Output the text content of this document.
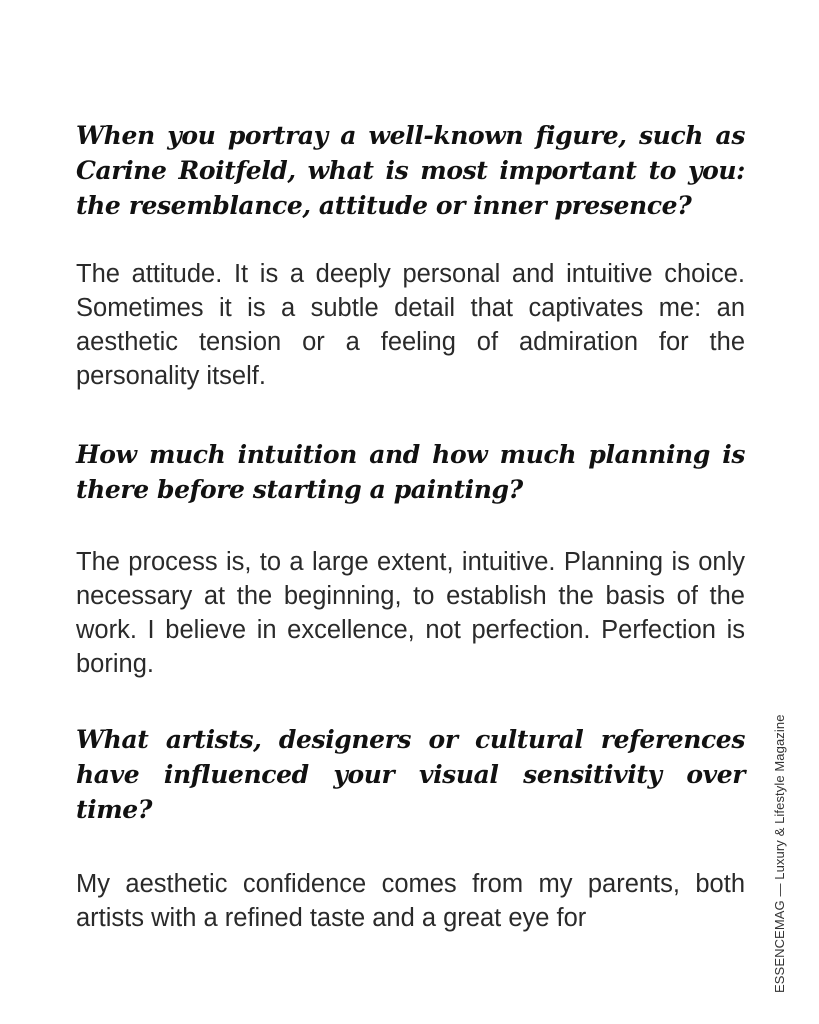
When you portray a well-known figure, such as Carine Roitfeld, what is most important to you: the resemblance, attitude or inner presence?

The attitude. It is a deeply personal and intuitive choice. Sometimes it is a subtle detail that captivates me: an aesthetic tension or a feeling of admiration for the personality itself.

How much intuition and how much planning is there before starting a painting?

The process is, to a large extent, intuitive. Planning is only necessary at the beginning, to establish the basis of the work. I believe in excellence, not perfection. Perfection is boring.

What artists, designers or cultural references have influenced your visual sensitivity over time?

My aesthetic confidence comes from my parents, both artists with a refined taste and a great eye for	ESSENCEMAG — Luxury & Lifestyle Magazine
